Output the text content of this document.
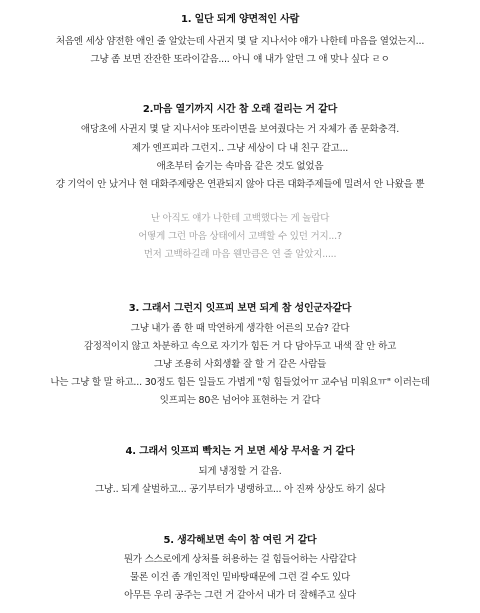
1. 일단 되게 양면적인 사람
처음엔 세상 얌전한 애인 줄 알았는데 사귄지 몇 달 지나서야 얘가 나한테 마음을 열었는지...
그냥 좀 보면 잔잔한 또라이같음.... 아니 얘 내가 알던 그 애 맞나 싶다 ㄹㅇ
2.마음 열기까지 시간 참 오래 걸리는 거 같다
애당초에 사귄지 몇 달 지나서야 또라이면을 보여줬다는 거 자체가 좀 문화충격.
제가 엔프피라 그런지.. 그냥 세상이 다 내 친구 같고...
애초부터 숨기는 속마음 같은 것도 없었음
걍 기억이 안 났거나 현 대화주제랑은 연관되지 않아 다른 대화주제들에 밀려서 안 나왔을 뿐
난 아직도 얘가 나한테 고백했다는 게 놀랍다
어떻게 그런 마음 상태에서 고백할 수 있던 거지...?
먼저 고백하길래 마음 웬만큼은 연 줄 알았지.....
3. 그래서 그런지 잇프피 보면 되게 참 성인군자같다
그냥 내가 좀 한 때 막연하게 생각한 어른의 모습? 같다
감정적이지 않고 차분하고 속으로 자기가 힘든 거 다 담아두고 내색 잘 안 하고
그냥 조용히 사회생활 잘 할 거 같은 사람들
나는 그냥 할 말 하고... 30정도 힘든 일들도 가볍게 "힝 힘들었어ㅠ 교수님 미워요ㅠ" 이러는데
잇프피는 80은 넘어야 표현하는 거 같다
4. 그래서 잇프피 빡치는 거 보면 세상 무서울 거 같다
되게 냉정할 거 같음.
그냥.. 되게 살벌하고... 공기부터가 냉랭하고... 아 진짜 상상도 하기 싫다
5. 생각해보면 속이 참 여린 거 같다
뭔가 스스로에게 상처를 허용하는 걸 힘들어하는 사람같다
물론 이건 좀 개인적인 밑바탕때문에 그런 걸 수도 있다
아무튼 우리 공주는 그런 거 같아서 내가 더 잘해주고 싶다
